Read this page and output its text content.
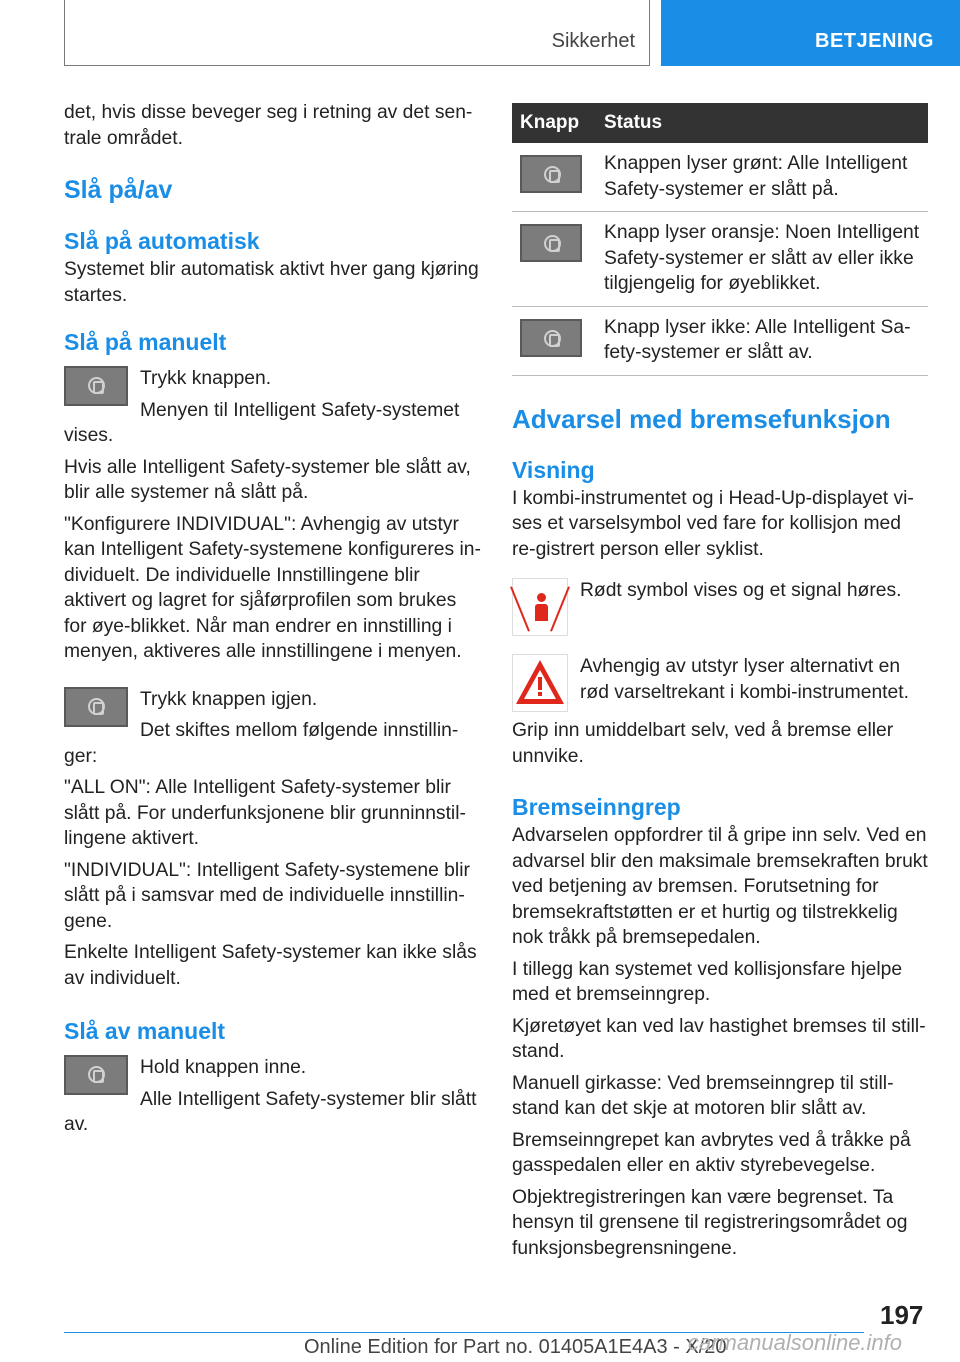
Sikkerhet	BETJENING

det, hvis disse beveger seg i retning av det sen-trale området.

Slå på/av
Slå på automatisk

Systemet blir automatisk aktivt hver gang kjøring startes.

Slå på manuelt

Trykk knappen.

Menyen til Intelligent Safety-systemet vises.

Hvis alle Intelligent Safety-systemer ble slått av, blir alle systemer nå slått på.

"Konfigurere INDIVIDUAL": Avhengig av utstyr kan Intelligent Safety-systemene konfigureres in-dividuelt. De individuelle Innstillingene blir aktivert og lagret for sjåførprofilen som brukes for øye-blikket. Når man endrer en innstilling i menyen, aktiveres alle innstillingene i menyen.

Trykk knappen igjen.

Det skiftes mellom følgende innstillin-ger:

"ALL ON": Alle Intelligent Safety-systemer blir slått på. For underfunksjonene blir grunninnstil-lingene aktivert.

"INDIVIDUAL": Intelligent Safety-systemene blir slått på i samsvar med de individuelle innstillin-gene.

Enkelte Intelligent Safety-systemer kan ikke slås av individuelt.

Slå av manuelt

Hold knappen inne.

Alle Intelligent Safety-systemer blir slått av.

Knapp	Status

	Knappen lyser grønt: Alle Intelligent Safety-systemer er slått på.

	Knapp lyser oransje: Noen Intelligent Safety-systemer er slått av eller ikke tilgjengelig for øyeblikket.

	Knapp lyser ikke: Alle Intelligent Sa-fety-systemer er slått av.
Advarsel med bremsefunksjon
Visning

I kombi-instrumentet og i Head-Up-displayet vi-ses et varselsymbol ved fare for kollisjon med re-gistrert person eller syklist.

Rødt symbol vises og et signal høres.

Avhengig av utstyr lyser alternativt en rød varseltrekant i kombi-instrumentet.

Grip inn umiddelbart selv, ved å bremse eller unnvike.

Bremseinngrep

Advarselen oppfordrer til å gripe inn selv. Ved en advarsel blir den maksimale bremsekraften brukt ved betjening av bremsen. Forutsetning for bremsekraftstøtten er et hurtig og tilstrekkelig nok tråkk på bremsepedalen.

I tillegg kan systemet ved kollisjonsfare hjelpe med et bremseinngrep.

Kjøretøyet kan ved lav hastighet bremses til still-stand.

Manuell girkasse: Ved bremseinngrep til still-stand kan det skje at motoren blir slått av.

Bremseinngrepet kan avbrytes ved å tråkke på gasspedalen eller en aktiv styrebevegelse.

Objektregistreringen kan være begrenset. Ta hensyn til grensene til registreringsområdet og funksjonsbegrensningene.

197
Online Edition for Part no. 01405A1E4A3 - X/20
carmanualsonline.info
